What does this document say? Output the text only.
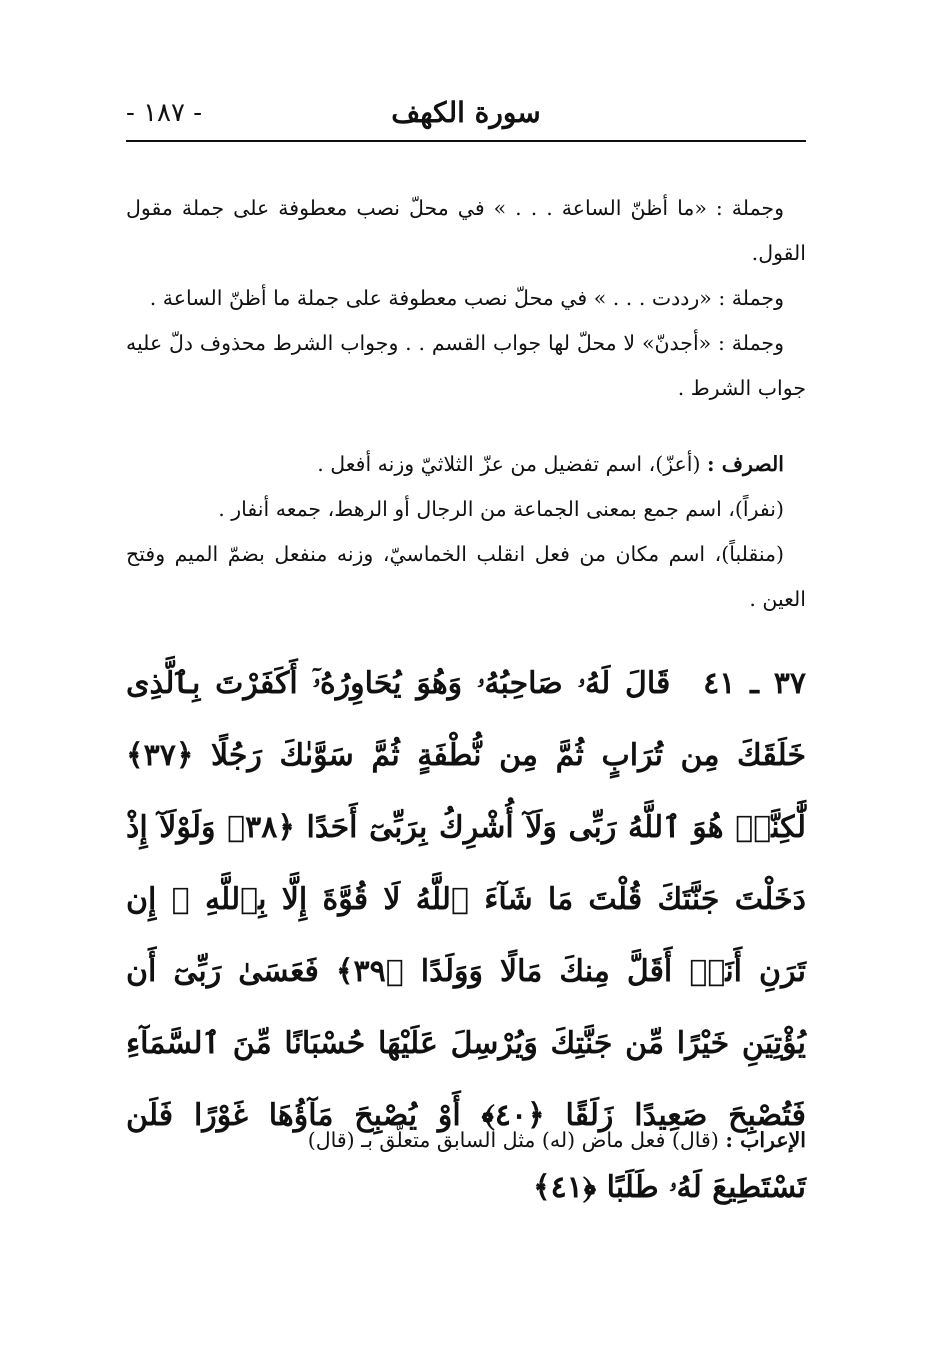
- ١٨٧ -	سورة الكهف

وجملة : «ما أظنّ الساعة . . . » في محلّ نصب معطوفة على جملة مقول القول.

وجملة : «رددت . . . » في محلّ نصب معطوفة على جملة ما أظنّ الساعة .

وجملة : «أجدنّ» لا محلّ لها جواب القسم . . وجواب الشرط محذوف دلّ عليه جواب الشرط .

الصرف : (أعزّ)، اسم تفضيل من عزّ الثلاثيّ وزنه أفعل .

(نفراً)، اسم جمع بمعنى الجماعة من الرجال أو الرهط، جمعه أنفار .

(منقلباً)، اسم مكان من فعل انقلب الخماسيّ، وزنه منفعل بضمّ الميم وفتح العين .

٣٧ ـ ٤١ قَالَ لَهُۥ صَاحِبُهُۥ وَهُوَ يُحَاوِرُهُۥٓ أَكَفَرْتَ بِٱلَّذِى خَلَقَكَ مِن تُرَابٍ ثُمَّ مِن نُّطْفَةٍ ثُمَّ سَوَّىٰكَ رَجُلًا ﴿٣٧﴾ لَّٰكِنَّا۠ هُوَ ٱللَّهُ رَبِّى وَلَآ أُشْرِكُ بِرَبِّىٓ أَحَدًا ﴿٣٨﴾ وَلَوْلَآ إِذْ دَخَلْتَ جَنَّتَكَ قُلْتَ مَا شَآءَ ٱللَّهُ لَا قُوَّةَ إِلَّا بِٱللَّهِ ۚ إِن تَرَنِ أَنَا۠ أَقَلَّ مِنكَ مَالًا وَوَلَدًا ﴿٣٩﴾ فَعَسَىٰ رَبِّىٓ أَن يُؤْتِيَنِ خَيْرًا مِّن جَنَّتِكَ وَيُرْسِلَ عَلَيْهَا حُسْبَانًا مِّنَ ٱلسَّمَآءِ فَتُصْبِحَ صَعِيدًا زَلَقًا ﴿٤٠﴾ أَوْ يُصْبِحَ مَآؤُهَا غَوْرًا فَلَن تَسْتَطِيعَ لَهُۥ طَلَبًا ﴿٤١﴾
الإعراب : (قال) فعل ماض (له) مثل السابق متعلّق بـ (قال)
